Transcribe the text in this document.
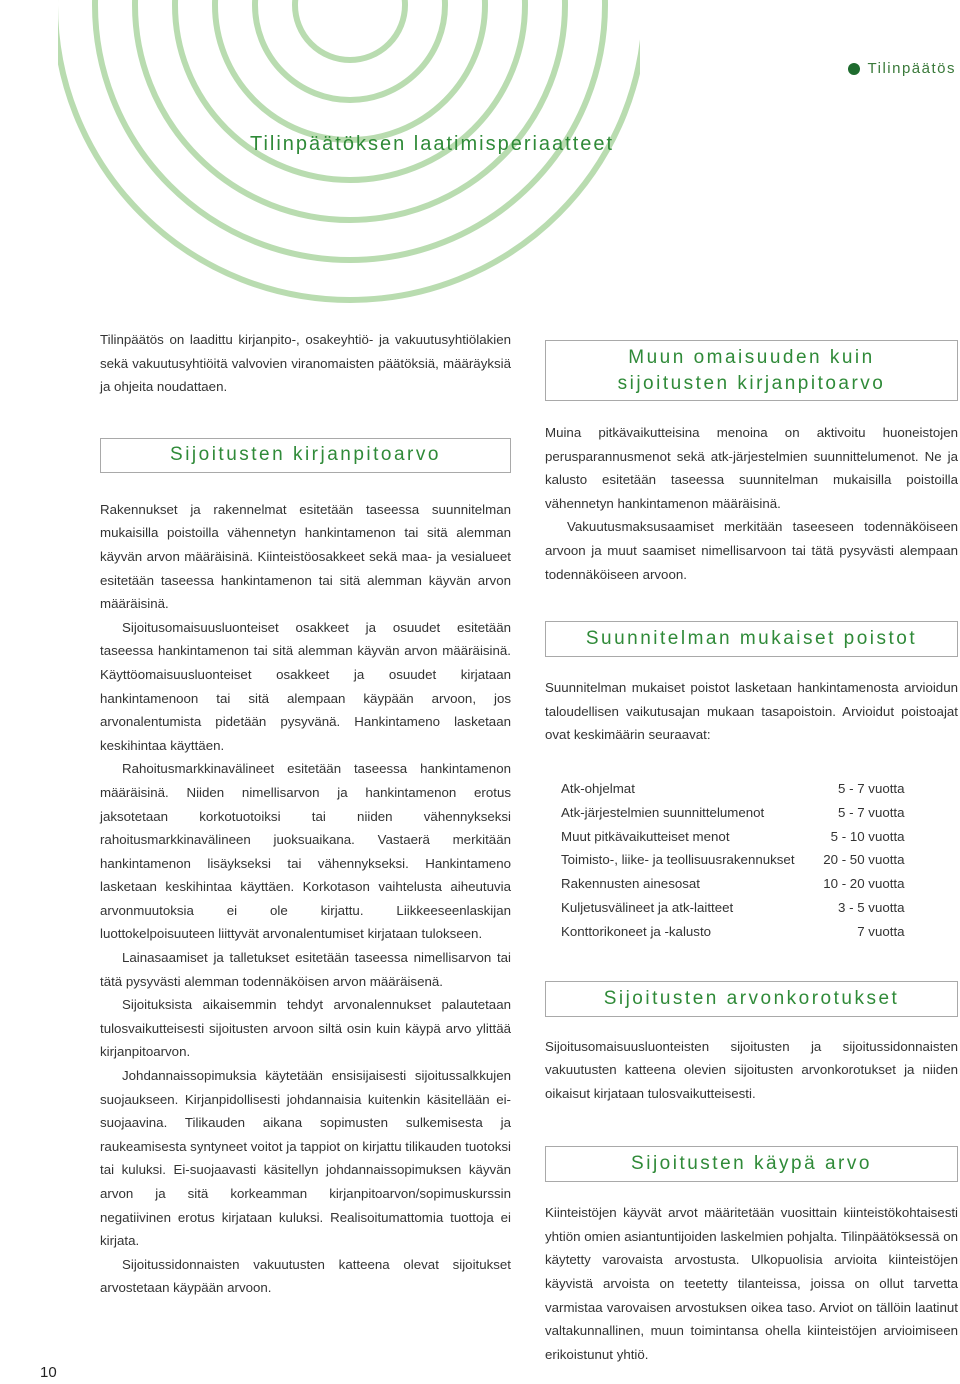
10
Tilinpäätös
Tilinpäätöksen laatimisperiaatteet

Tilinpäätös on laadittu kirjanpito-, osakeyhtiö- ja vakuutusyhtiölakien sekä vakuutusyhtiöitä valvovien viranomaisten päätöksiä, määräyksiä ja ohjeita noudattaen.

Sijoitusten kirjanpitoarvo

Rakennukset ja rakennelmat esitetään taseessa suunnitelman mukaisilla poistoilla vähennetyn hankintamenon tai sitä alemman käyvän arvon määräisinä. Kiinteistöosakkeet sekä maa- ja vesialueet esitetään taseessa hankintamenon tai sitä alemman käyvän arvon määräisinä.

Sijoitusomaisuusluonteiset osakkeet ja osuudet esitetään taseessa hankintamenon tai sitä alemman käyvän arvon määräisinä. Käyttöomaisuusluonteiset osakkeet ja osuudet kirjataan hankintamenoon tai sitä alempaan käypään arvoon, jos arvonalentumista pidetään pysyvänä. Hankintameno lasketaan keskihintaa käyttäen.

Rahoitusmarkkinavälineet esitetään taseessa hankintamenon määräisinä. Niiden nimellisarvon ja hankintamenon erotus jaksotetaan korkotuotoiksi tai niiden vähennykseksi rahoitusmarkkinavälineen juoksuaikana. Vastaerä merkitään hankintamenon lisäykseksi tai vähennykseksi. Hankintameno lasketaan keskihintaa käyttäen. Korkotason vaihtelusta aiheutuvia arvonmuutoksia ei ole kirjattu. Liikkeeseenlaskijan luottokelpoisuuteen liittyvät arvonalentumiset kirjataan tulokseen.

Lainasaamiset ja talletukset esitetään taseessa nimellisarvon tai tätä pysyvästi alemman todennäköisen arvon määräisenä.

Sijoituksista aikaisemmin tehdyt arvonalennukset palautetaan tulosvaikutteisesti sijoitusten arvoon siltä osin kuin käypä arvo ylittää kirjanpitoarvon.

Johdannaissopimuksia käytetään ensisijaisesti sijoitussalkkujen suojaukseen. Kirjanpidollisesti johdannaisia kuitenkin käsitellään ei-suojaavina. Tilikauden aikana sopimusten sulkemisesta ja raukeamisesta syntyneet voitot ja tappiot on kirjattu tilikauden tuotoksi tai kuluksi. Ei-suojaavasti käsitellyn johdannaissopimuksen käyvän arvon ja sitä korkeamman kirjanpitoarvon/sopimuskurssin negatiivinen erotus kirjataan kuluksi. Realisoitumattomia tuottoja ei kirjata.

Sijoitussidonnaisten vakuutusten katteena olevat sijoitukset arvostetaan käypään arvoon.

Muun omaisuuden kuin
sijoitusten kirjanpitoarvo

Muina pitkävaikutteisina menoina on aktivoitu huoneistojen perusparannusmenot sekä atk-järjestelmien suunnittelumenot. Ne ja kalusto esitetään taseessa suunnitelman mukaisilla poistoilla vähennetyn hankintamenon määräisinä.

Vakuutusmaksusaamiset merkitään taseeseen todennäköiseen arvoon ja muut saamiset nimellisarvoon tai tätä pysyvästi alempaan todennäköiseen arvoon.

Suunnitelman mukaiset poistot

Suunnitelman mukaiset poistot lasketaan hankintamenosta arvioidun taloudellisen vaikutusajan mukaan tasapoistoin. Arvioidut poistoajat ovat keskimäärin seuraavat:

Atk-ohjelmat	5 - 7 vuotta
Atk-järjestelmien suunnittelumenot	5 - 7 vuotta
Muut pitkävaikutteiset menot	5 - 10 vuotta
Toimisto-, liike- ja teollisuusrakennukset	20 - 50 vuotta
Rakennusten ainesosat	10 - 20 vuotta
Kuljetusvälineet ja atk-laitteet	3 - 5 vuotta
Konttorikoneet ja -kalusto	7 vuotta
Sijoitusten arvonkorotukset

Sijoitusomaisuusluonteisten sijoitusten ja sijoitussidonnaisten vakuutusten katteena olevien sijoitusten arvonkorotukset ja niiden oikaisut kirjataan tulosvaikutteisesti.

Sijoitusten käypä arvo

Kiinteistöjen käyvät arvot määritetään vuosittain kiinteistökohtaisesti yhtiön omien asiantuntijoiden laskelmien pohjalta. Tilinpäätöksessä on käytetty varovaista arvostusta. Ulkopuolisia arvioita kiinteistöjen käyvistä arvoista on teetetty tilanteissa, joissa on ollut tarvetta varmistaa varovaisen arvostuksen oikea taso. Arviot on tällöin laatinut valtakunnallinen, muun toimintansa ohella kiinteistöjen arvioimiseen erikoistunut yhtiö.
